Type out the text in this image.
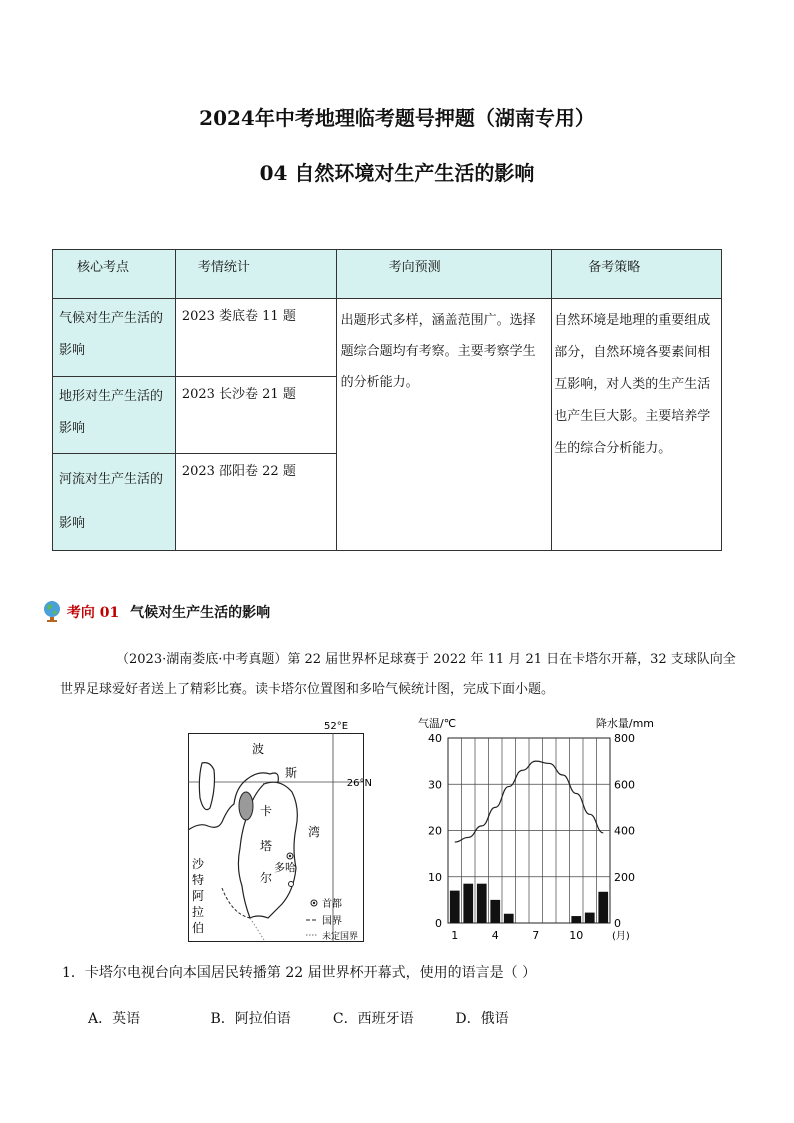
2024年中考地理临考题号押题（湖南专用）
04 自然环境对生产生活的影响
核心考点	考情统计	考向预测	备考策略
气候对生产生活的影响	2023 娄底卷 11 题	出题形式多样，涵盖范围广。选择题综合题均有考察。主要考察学生的分析能力。	自然环境是地理的重要组成部分，自然环境各要素间相互影响，对人类的生产生活也产生巨大影。主要培养学生的综合分析能力。
地形对生产生活的影响	2023 长沙卷 21 题		
河流对生产生活的影响	2023 邵阳卷 22 题		
考向 01 气候对生产生活的影响
（2023·湖南娄底·中考真题）第 22 届世界杯足球赛于 2022 年 11 月 21 日在卡塔尔开幕，32 支球队向全世界足球爱好者送上了精彩比赛。读卡塔尔位置图和多哈气候统计图，完成下面小题。
52°E
26°N
波
斯
湾
卡
塔
尔
沙
特
阿
拉
伯
多哈
首都
国界
未定国界
气温/℃	降水量/mm
0
10
20
30
40
0
200
400
600
800
1	4	7	10	(月)
1．卡塔尔电视台向本国居民转播第 22 届世界杯开幕式，使用的语言是（ ）
A．英语	B．阿拉伯语	C．西班牙语	D．俄语
